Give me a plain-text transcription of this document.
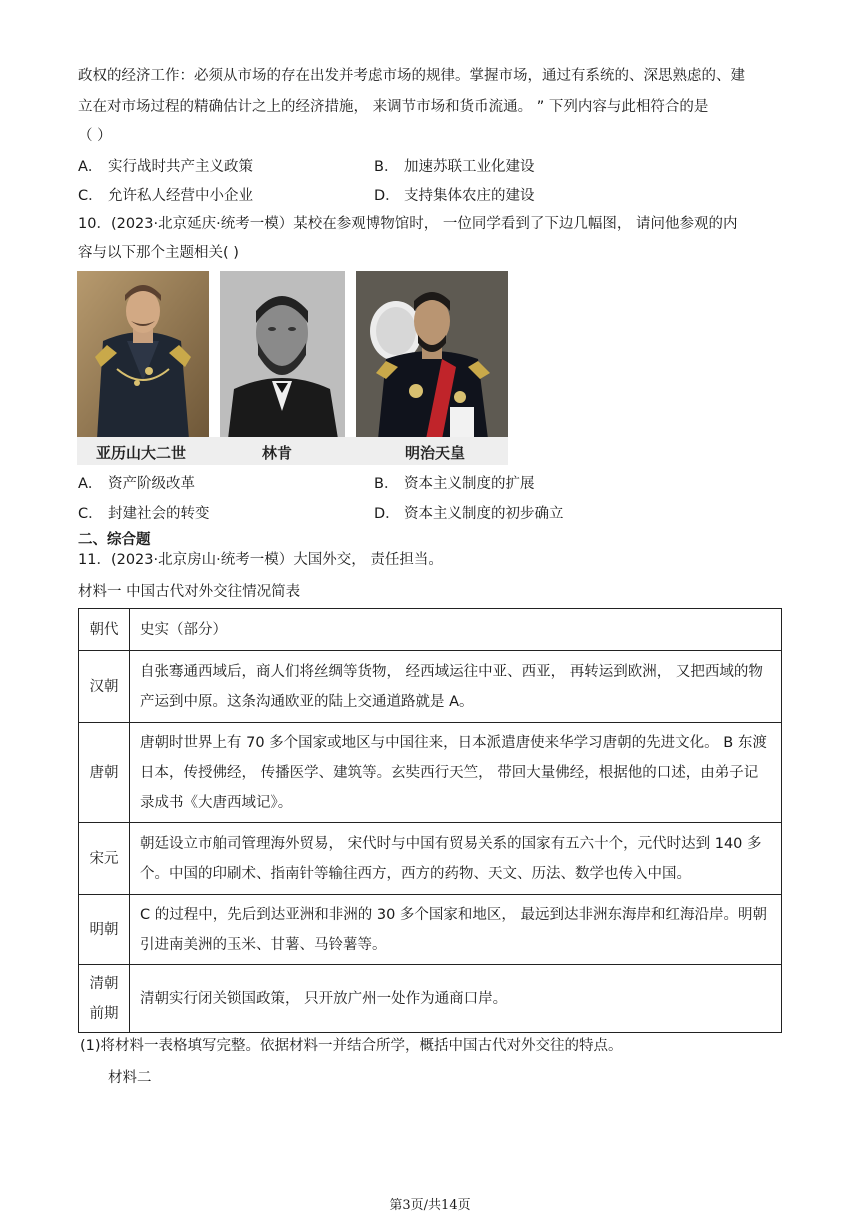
政权的经济工作：必须从市场的存在出发并考虑市场的规律。掌握市场，通过有系统的、深思熟虑的、建
立在对市场过程的精确估计之上的经济措施， 来调节市场和货币流通。 ” 下列内容与此相符合的是
（ ）
A． 实行战时共产主义政策	B． 加速苏联工业化建设
C． 允许私人经营中小企业	D． 支持集体农庄的建设
10．(2023·北京延庆·统考一模）某校在参观博物馆时， 一位同学看到了下边几幅图， 请问他参观的内
容与以下那个主题相关( )
亚历山大二世	林肯	明治天皇
A． 资产阶级改革	B． 资本主义制度的扩展
C． 封建社会的转变	D． 资本主义制度的初步确立
二、综合题
11．(2023·北京房山·统考一模）大国外交， 责任担当。
材料一 中国古代对外交往情况简表
朝代	史实（部分）
汉朝	自张骞通西域后，商人们将丝绸等货物， 经西域运往中亚、西亚， 再转运到欧洲， 又把西域的物产运到中原。这条沟通欧亚的陆上交通道路就是 A。
唐朝	唐朝时世界上有 70 多个国家或地区与中国往来，日本派遣唐使来华学习唐朝的先进文化。 B 东渡日本，传授佛经， 传播医学、建筑等。玄奘西行天竺， 带回大量佛经，根据他的口述，由弟子记录成书《大唐西域记》。
宋元	朝廷设立市舶司管理海外贸易， 宋代时与中国有贸易关系的国家有五六十个，元代时达到 140 多个。中国的印刷术、指南针等输往西方，西方的药物、天文、历法、数学也传入中国。
明朝	C 的过程中，先后到达亚洲和非洲的 30 多个国家和地区， 最远到达非洲东海岸和红海沿岸。明朝引进南美洲的玉米、甘薯、马铃薯等。

清朝
前期	清朝实行闭关锁国政策， 只开放广州一处作为通商口岸。
(1)将材料一表格填写完整。依据材料一并结合所学，概括中国古代对外交往的特点。
材料二
第3页/共14页
